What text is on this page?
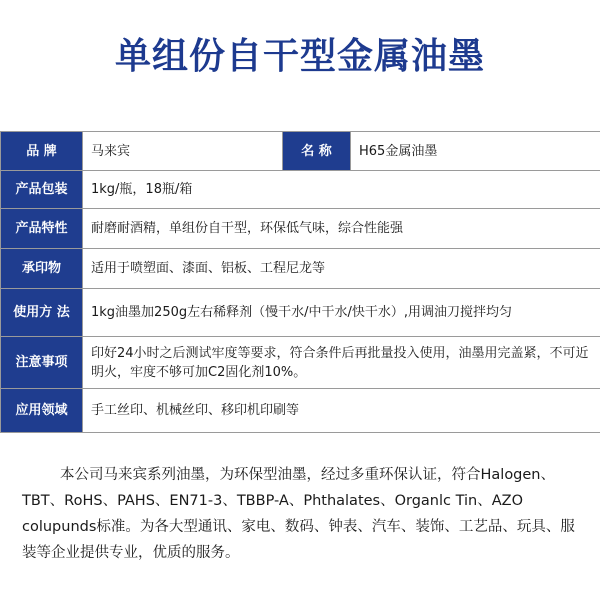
单组份自干型金属油墨
品 牌	马来宾	名 称	H65金属油墨
产品包装	1kg/瓶，18瓶/箱		
产品特性	耐磨耐酒精，单组份自干型，环保低气味，综合性能强		
承印物	适用于喷塑面、漆面、铝板、工程尼龙等		
使用方 法	1kg油墨加250g左右稀释剂（慢干水/中干水/快干水）,用调油刀搅拌均匀		
注意事项	印好24小时之后测试牢度等要求，符合条件后再批量投入使用，油墨用完盖紧，不可近明火，牢度不够可加C2固化剂10%。		
应用领域	手工丝印、机械丝印、移印机印刷等		

本公司马来宾系列油墨，为环保型油墨，经过多重环保认证，符合Halogen、TBT、RoHS、PAHS、EN71-3、TBBP-A、Phthalates、Organlc Tin、AZO colupunds标准。为各大型通讯、家电、数码、钟表、汽车、装饰、工艺品、玩具、服装等企业提供专业，优质的服务。
